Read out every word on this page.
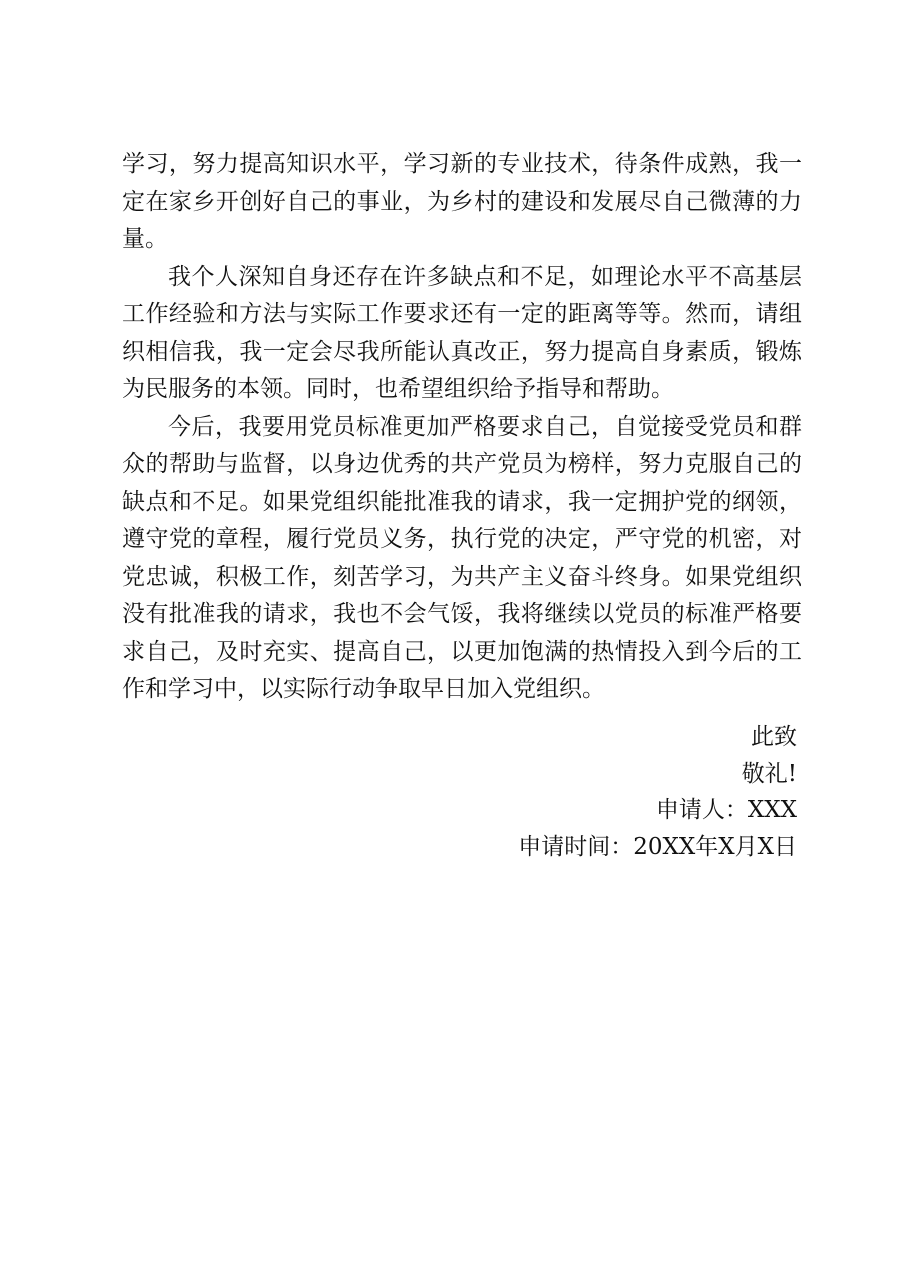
学习，努力提高知识水平，学习新的专业技术，待条件成熟，我一定在家乡开创好自己的事业，为乡村的建设和发展尽自己微薄的力量。

我个人深知自身还存在许多缺点和不足，如理论水平不高基层工作经验和方法与实际工作要求还有一定的距离等等。然而，请组织相信我，我一定会尽我所能认真改正，努力提高自身素质，锻炼为民服务的本领。同时，也希望组织给予指导和帮助。

今后，我要用党员标准更加严格要求自己，自觉接受党员和群众的帮助与监督，以身边优秀的共产党员为榜样，努力克服自己的缺点和不足。如果党组织能批准我的请求，我一定拥护党的纲领，遵守党的章程，履行党员义务，执行党的决定，严守党的机密，对党忠诚，积极工作，刻苦学习，为共产主义奋斗终身。如果党组织没有批准我的请求，我也不会气馁，我将继续以党员的标准严格要求自己，及时充实、提高自己，以更加饱满的热情投入到今后的工作和学习中，以实际行动争取早日加入党组织。

此致
敬礼!
申请人：XXX
申请时间：20XX年X月X日
